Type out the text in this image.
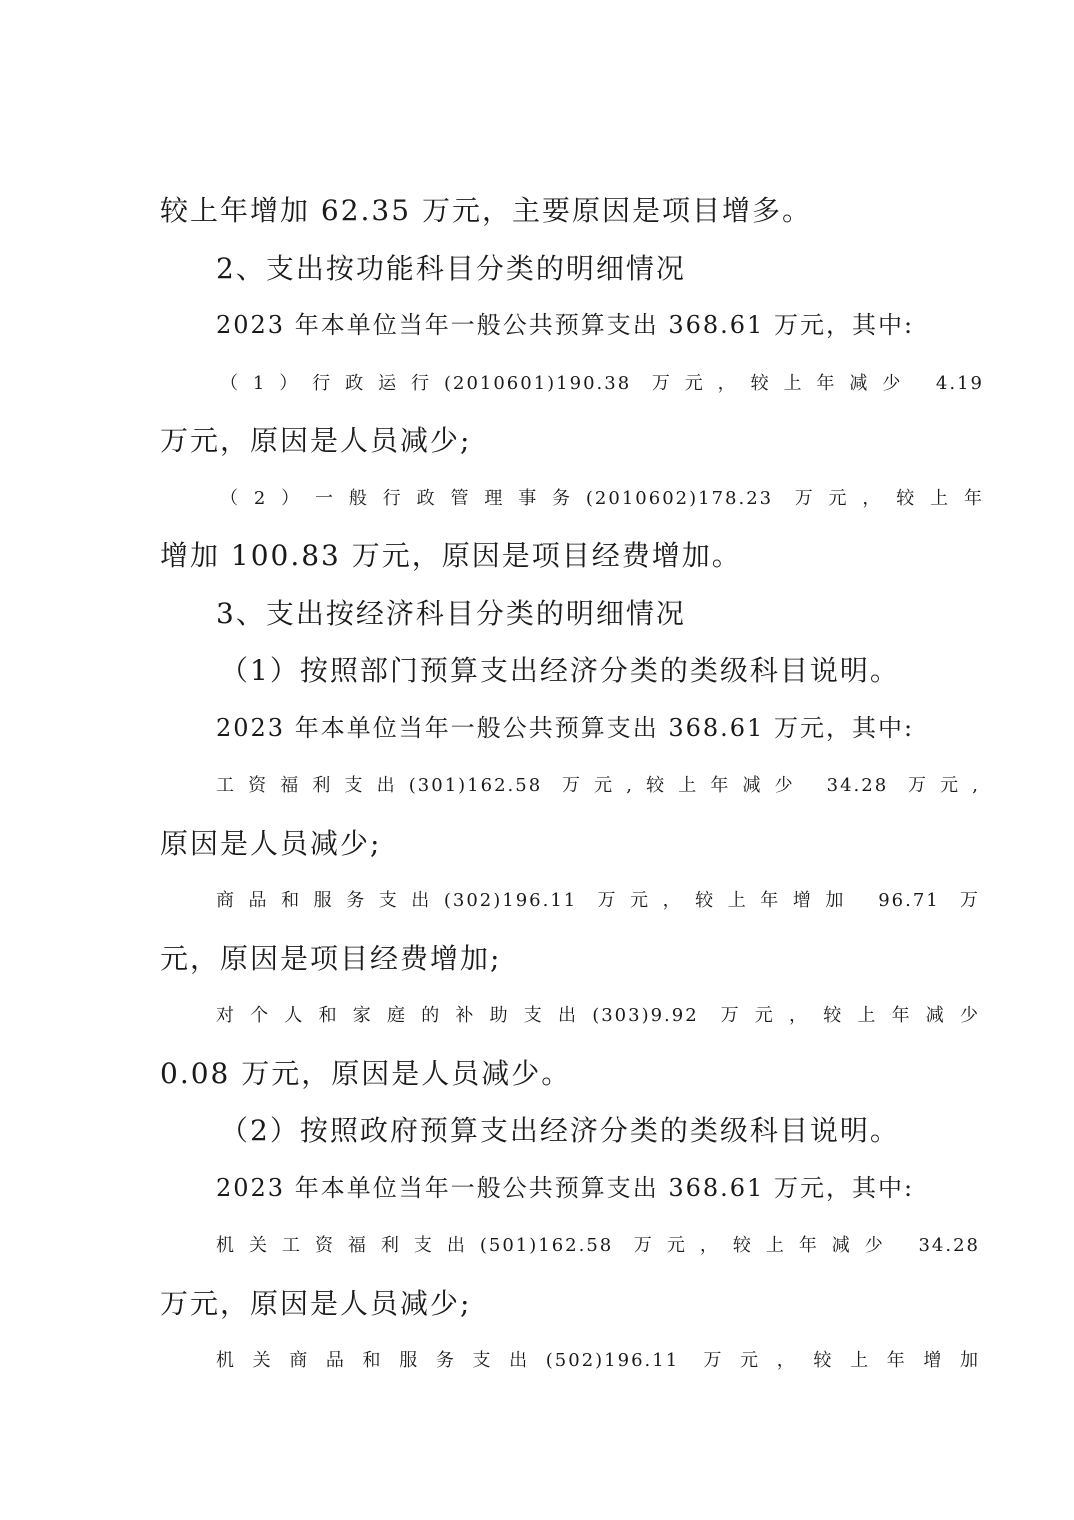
较上年增加 62.35 万元，主要原因是项目增多。
2、支出按功能科目分类的明细情况
2023 年本单位当年一般公共预算支出 368.61 万元，其中:
（1）行政运行(2010601)190.38 万元，较上年减少 4.19
万元，原因是人员减少;
（2）一般行政管理事务(2010602)178.23 万元，较上年
增加 100.83 万元，原因是项目经费增加。
3、支出按经济科目分类的明细情况
（1）按照部门预算支出经济分类的类级科目说明。
2023 年本单位当年一般公共预算支出 368.61 万元，其中:
工资福利支出(301)162.58 万元,较上年减少 34.28 万元,
原因是人员减少;
商品和服务支出(302)196.11 万元，较上年增加 96.71 万
元，原因是项目经费增加;
对个人和家庭的补助支出(303)9.92 万元，较上年减少
0.08 万元，原因是人员减少。
（2）按照政府预算支出经济分类的类级科目说明。
2023 年本单位当年一般公共预算支出 368.61 万元，其中:
机关工资福利支出(501)162.58 万元，较上年减少 34.28
万元，原因是人员减少;
机关商品和服务支出(502)196.11 万元，较上年增加
